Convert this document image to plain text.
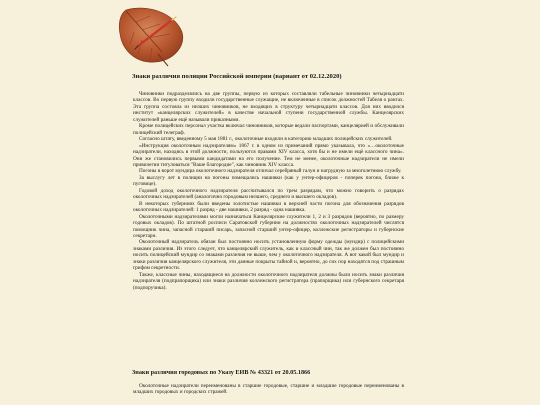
Знаки различия полиции Российской империи (вариант от 02.12.2020)

Чиновники подразделялись на две группы, первую из которых составляли табельные чиновники четырнадцати классов. Во первую группу входили государственные служащие, не включенные в список должностей Табеля о рангах. Эта группа состояла из низших чиновников, не входящих в структуру четырнадцати классов. Для них вводился институт «канцелярских служителей» в качестве начальной ступени государственной службы. Канцелярских служителей раньше ещё называли приказными.

Кроме полицейских персонал участка включал чиновников, которые ведали паспортами, канцелярией и обслуживали полицейский телеграф.

Согласно штату, введенному 5 мая 1881 г., околоточные входили в категорию младших полицейских служителей.

«Инструкция околоточным надзирателям» 1867 г. в одном из примечаний прямо указывала, что «…околоточные надзиратели, находясь в этой должности, пользуются правами XIV класса, хотя бы и не имели ещё классного чина». Они же становились первыми кандидатами на его получение. Тем не менее, околоточные надзиратели не имели привилегии титуловаться "Ваше благородие", как чиновник XIV класса.

Погоны в ворот мундира околоточного надзирателя отличал серебряный галун и нагрудную за многолетнюю службу.

За выслугу лет в полиции на погоны помещались нашивки (как у унтер-офицеров - поперек погона, ближе к пуговице).

Годовой доход околоточного надзирателя рассчитывался по трем разрядам, что можно говорить о разрядах околоточных надзирателей (аналогично городовым низшего, среднего и высшего окладов).

В некоторых губерниях были введены золотистые нашивки в верхней части погона для обозначения разрядов околоточных надзирателей: 1 разряд - две нашивки, 2 разряд - одна нашивка.

Околоточными надзирателями могли назначаться Канцелярские служители 1, 2 и 3 разрядов (вероятно, по размеру годовых окладов). По штатной росписи Саратовской губернии на должностях околоточных надзирателей числятся помощник чина, запасной старший писарь, запасной старший унтер-офицер, коллежские регистраторы и губернские секретари.

Околоточный надзиратель обязан был постоянно носить установленную форму одежды (мундир) с полицейскими знаками различия. Из этого следует, что канцелярский служитель, как и классный чин, так же должен был постоянно носить полицейский мундир со знаками различия не выше, чем у околоточного надзирателя. А вот какой был мундир и знаки различия канцелярского служителя, эти данные покрыты тайной и, вероятно, до сих пор находятся под страшным грифом секретности.

Также, классные чины, находящиеся на должности околоточного надзирателя должны были носить знаки различия надзирателя (подпрапорщика) или знаки различия коллежского регистратора (прапорщика) или губернского секретаря (подпоручика).

Знаки различия городовых по Указу ЕИВ № 43321 от 20.05.1866

Околоточные надзиратели переименованы в старшие городовые, старшие и младшие городовые переименованы в младших городовых и городских стражей.
